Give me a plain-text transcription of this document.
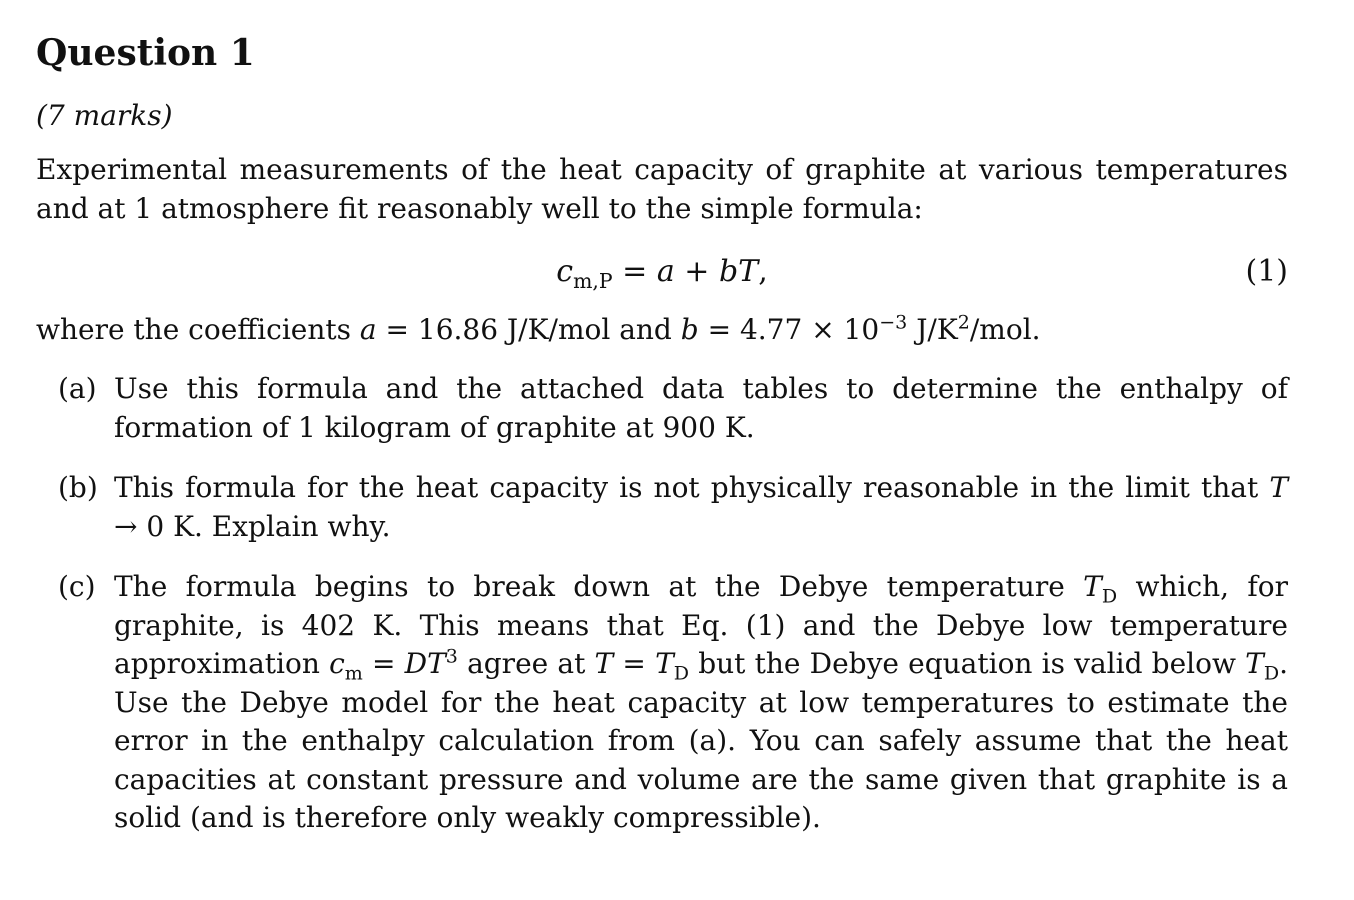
Question 1
(7 marks)
Experimental measurements of the heat capacity of graphite at various temperatures and at 1 atmosphere fit reasonably well to the simple formula:
$c_{m,P} = a$ + bT,	(1)
where the coefficients a = 16.86 J/K/mol and $b = 4.77 \times 10^{-3}$ $J/K^2$/mol.
(a) Use this formula and the attached data tables to determine the enthalpy of formation of 1 kilogram of graphite at 900 K.
(b) This formula for the heat capacity is not physically reasonable in the limit that T → 0 K. Explain why.
(c) The formula begins to break down at the Debye temperature $T_D$ which, for graphite, is 402 K. This means that Eq. (1) and the Debye low temperature approximation $c_m = DT^3$ agree at $T = T_D$ but the Debye equation is valid below $T_D$. Use the Debye model for the heat capacity at low temperatures to estimate the error in the enthalpy calculation from (a). You can safely assume that the heat capacities at constant pressure and volume are the same given that graphite is a solid (and is therefore only weakly compressible).
